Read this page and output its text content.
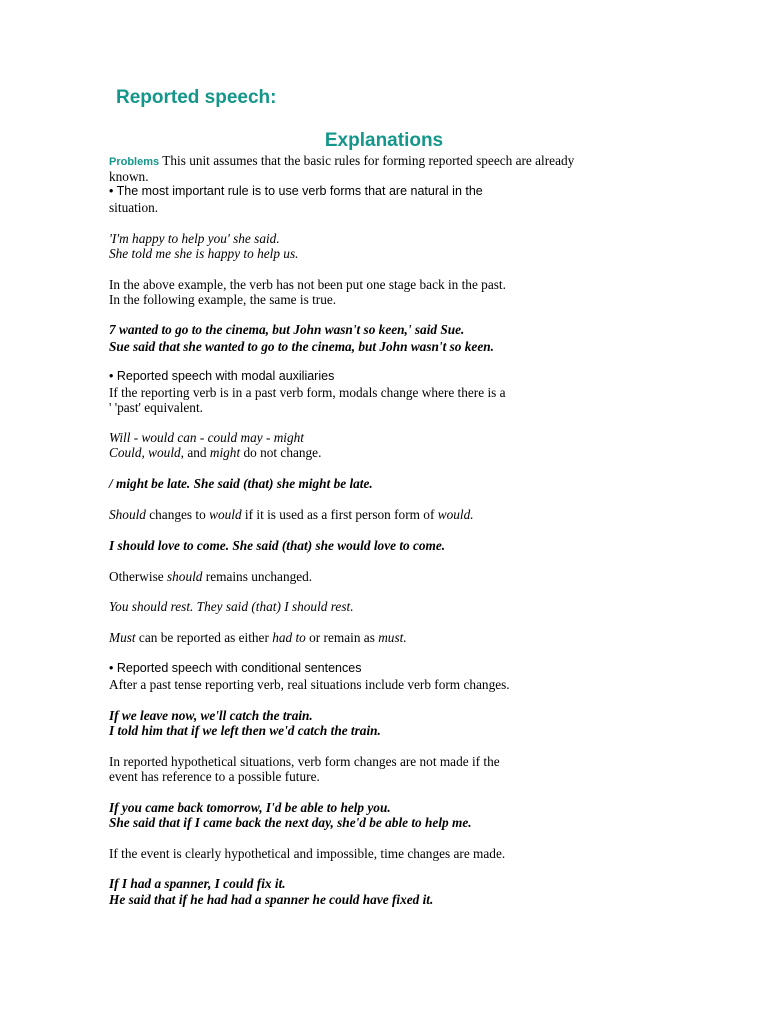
Reported speech:
Explanations
Problems This unit assumes that the basic rules for forming reported speech are already
known.
• The most important rule is to use verb forms that are natural in the
situation.
'I'm happy to help you' she said.
She told me she is happy to help us.
In the above example, the verb has not been put one stage back in the past.
In the following example, the same is true.
7 wanted to go to the cinema, but John wasn't so keen,' said Sue.
Sue said that she wanted to go to the cinema, but John wasn't so keen.
• Reported speech with modal auxiliaries
If the reporting verb is in a past verb form, modals change where there is a
' 'past' equivalent.
Will - would can - could may - might
Could, would, and might do not change.
/ might be late. She said (that) she might be late.
Should changes to would if it is used as a first person form of would.
I should love to come. She said (that) she would love to come.
Otherwise should remains unchanged.
You should rest. They said (that) I should rest.
Must can be reported as either had to or remain as must.
• Reported speech with conditional sentences
After a past tense reporting verb, real situations include verb form changes.
If we leave now, we'll catch the train.
I told him that if we left then we'd catch the train.
In reported hypothetical situations, verb form changes are not made if the
event has reference to a possible future.
If you came back tomorrow, I'd be able to help you.
She said that if I came back the next day, she'd be able to help me.
If the event is clearly hypothetical and impossible, time changes are made.
If I had a spanner, I could fix it.
He said that if he had had a spanner he could have fixed it.
